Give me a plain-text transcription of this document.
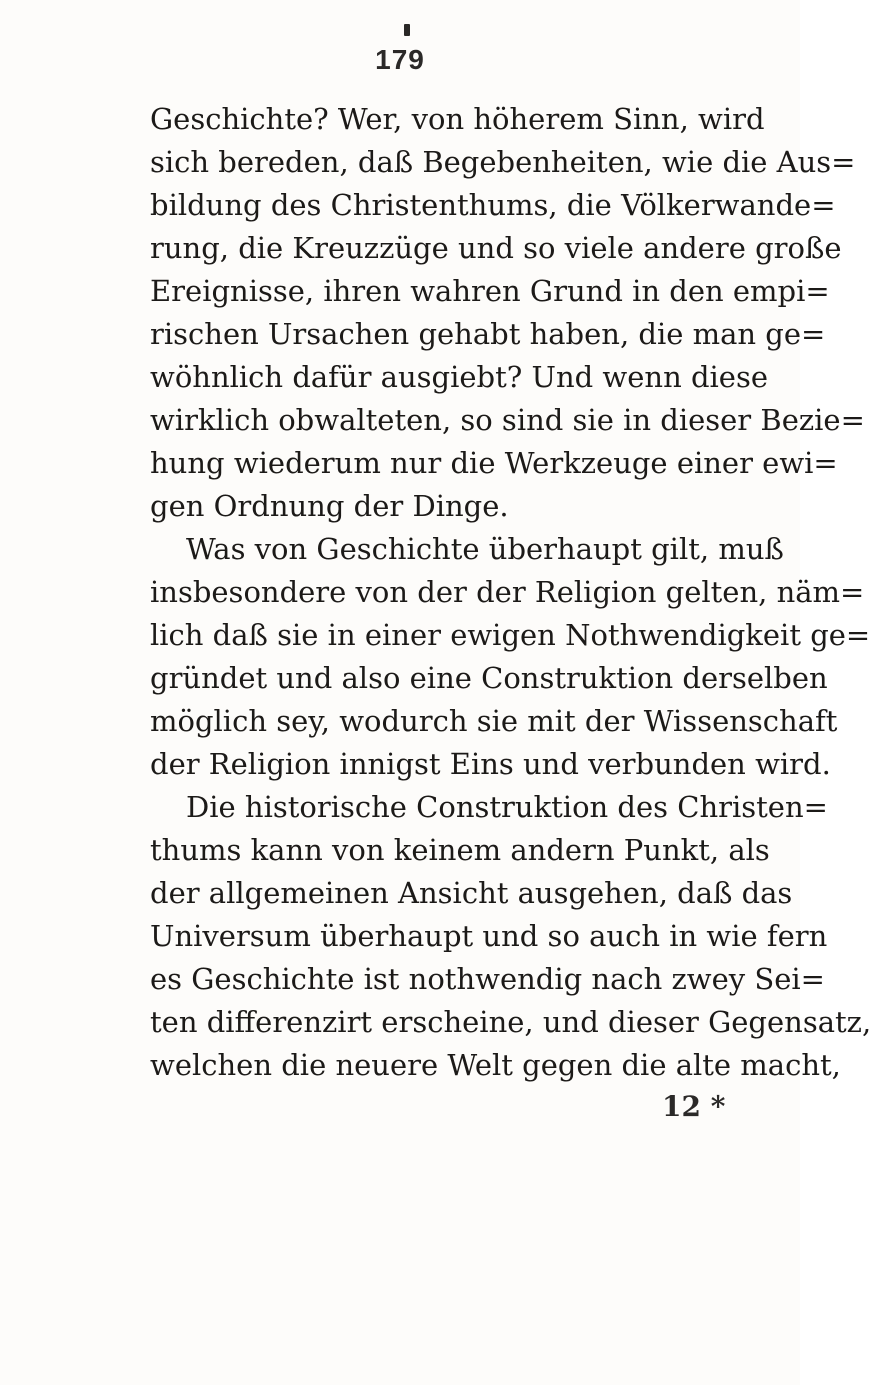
179
Geschichte? Wer, von höherem Sinn, wird
sich bereden, daß Begebenheiten, wie die Aus=
bildung des Christenthums, die Völkerwande=
rung, die Kreuzzüge und so viele andere große
Ereignisse, ihren wahren Grund in den empi=
rischen Ursachen gehabt haben, die man ge=
wöhnlich dafür ausgiebt? Und wenn diese
wirklich obwalteten, so sind sie in dieser Bezie=
hung wiederum nur die Werkzeuge einer ewi=
gen Ordnung der Dinge.
Was von Geschichte überhaupt gilt, muß
insbesondere von der der Religion gelten, näm=
lich daß sie in einer ewigen Nothwendigkeit ge=
gründet und also eine Construktion derselben
möglich sey, wodurch sie mit der Wissenschaft
der Religion innigst Eins und verbunden wird.
Die historische Construktion des Christen=
thums kann von keinem andern Punkt, als
der allgemeinen Ansicht ausgehen, daß das
Universum überhaupt und so auch in wie fern
es Geschichte ist nothwendig nach zwey Sei=
ten differenzirt erscheine, und dieser Gegensatz,
welchen die neuere Welt gegen die alte macht,
12 *
